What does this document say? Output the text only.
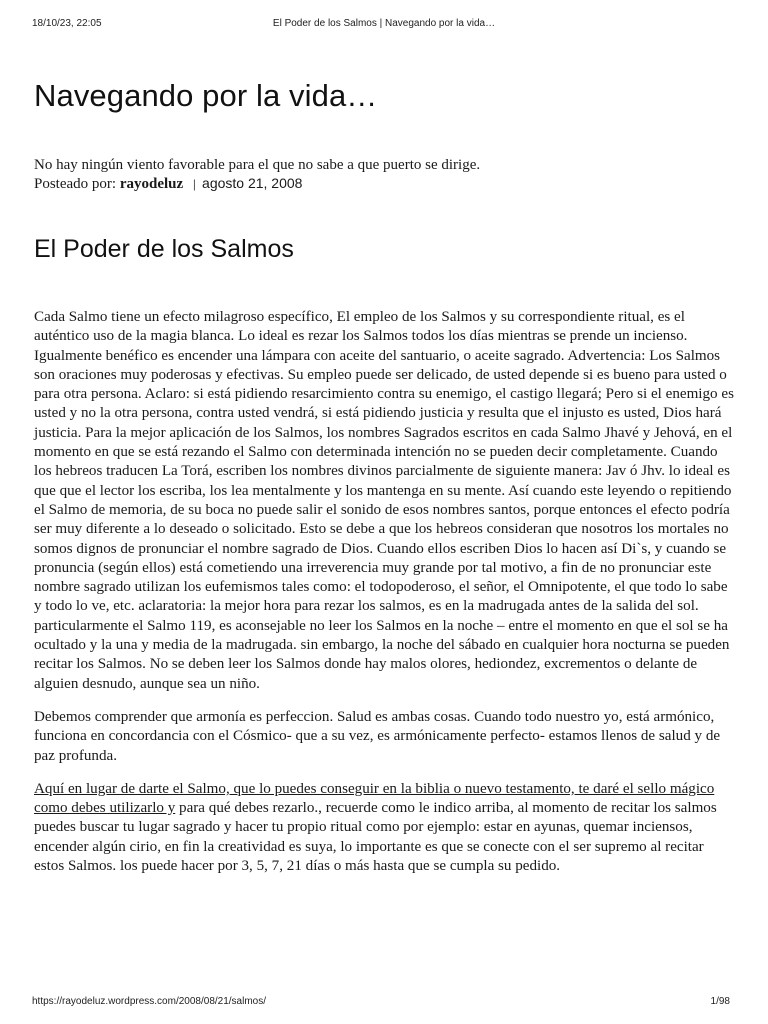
18/10/23, 22:05	El Poder de los Salmos | Navegando por la vida…
Navegando por la vida…
No hay ningún viento favorable para el que no sabe a que puerto se dirige.
Posteado por: rayodeluz | agosto 21, 2008
El Poder de los Salmos

Cada Salmo tiene un efecto milagroso específico, El empleo de los Salmos y su correspondiente ritual, es el auténtico uso de la magia blanca. Lo ideal es rezar los Salmos todos los días mientras se prende un incienso. Igualmente benéfico es encender una lámpara con aceite del santuario, o aceite sagrado. Advertencia: Los Salmos son oraciones muy poderosas y efectivas. Su empleo puede ser delicado, de usted depende si es bueno para usted o para otra persona. Aclaro: si está pidiendo resarcimiento contra su enemigo, el castigo llegará; Pero si el enemigo es usted y no la otra persona, contra usted vendrá, si está pidiendo justicia y resulta que el injusto es usted, Dios hará justicia. Para la mejor aplicación de los Salmos, los nombres Sagrados escritos en cada Salmo Jhavé y Jehová, en el momento en que se está rezando el Salmo con determinada intención no se pueden decir completamente. Cuando los hebreos traducen La Torá, escriben los nombres divinos parcialmente de siguiente manera: Jav ó Jhv. lo ideal es que que el lector los escriba, los lea mentalmente y los mantenga en su mente. Así cuando este leyendo o repitiendo el Salmo de memoria, de su boca no puede salir el sonido de esos nombres santos, porque entonces el efecto podría ser muy diferente a lo deseado o solicitado. Esto se debe a que los hebreos consideran que nosotros los mortales no somos dignos de pronunciar el nombre sagrado de Dios. Cuando ellos escriben Dios lo hacen así Di`s, y cuando se pronuncia (según ellos) está cometiendo una irreverencia muy grande por tal motivo, a fin de no pronunciar este nombre sagrado utilizan los eufemismos tales como: el todopoderoso, el señor, el Omnipotente, el que todo lo sabe y todo lo ve, etc. aclaratoria: la mejor hora para rezar los salmos, es en la madrugada antes de la salida del sol. particularmente el Salmo 119, es aconsejable no leer los Salmos en la noche – entre el momento en que el sol se ha ocultado y la una y media de la madrugada. sin embargo, la noche del sábado en cualquier hora nocturna se pueden recitar los Salmos. No se deben leer los Salmos donde hay malos olores, hediondez, excrementos o delante de alguien desnudo, aunque sea un niño.

Debemos comprender que armonía es perfeccion. Salud es ambas cosas. Cuando todo nuestro yo, está armónico, funciona en concordancia con el Cósmico- que a su vez, es armónicamente perfecto- estamos llenos de salud y de paz profunda.

Aquí en lugar de darte el Salmo, que lo puedes conseguir en la biblia o nuevo testamento, te daré el sello mágico como debes utilizarlo y para qué debes rezarlo., recuerde como le indico arriba, al momento de recitar los salmos puedes buscar tu lugar sagrado y hacer tu propio ritual como por ejemplo: estar en ayunas, quemar inciensos, encender algún cirio, en fin la creatividad es suya, lo importante es que se conecte con el ser supremo al recitar estos Salmos. los puede hacer por 3, 5, 7, 21 días o más hasta que se cumpla su pedido.

https://rayodeluz.wordpress.com/2008/08/21/salmos/	1/98
